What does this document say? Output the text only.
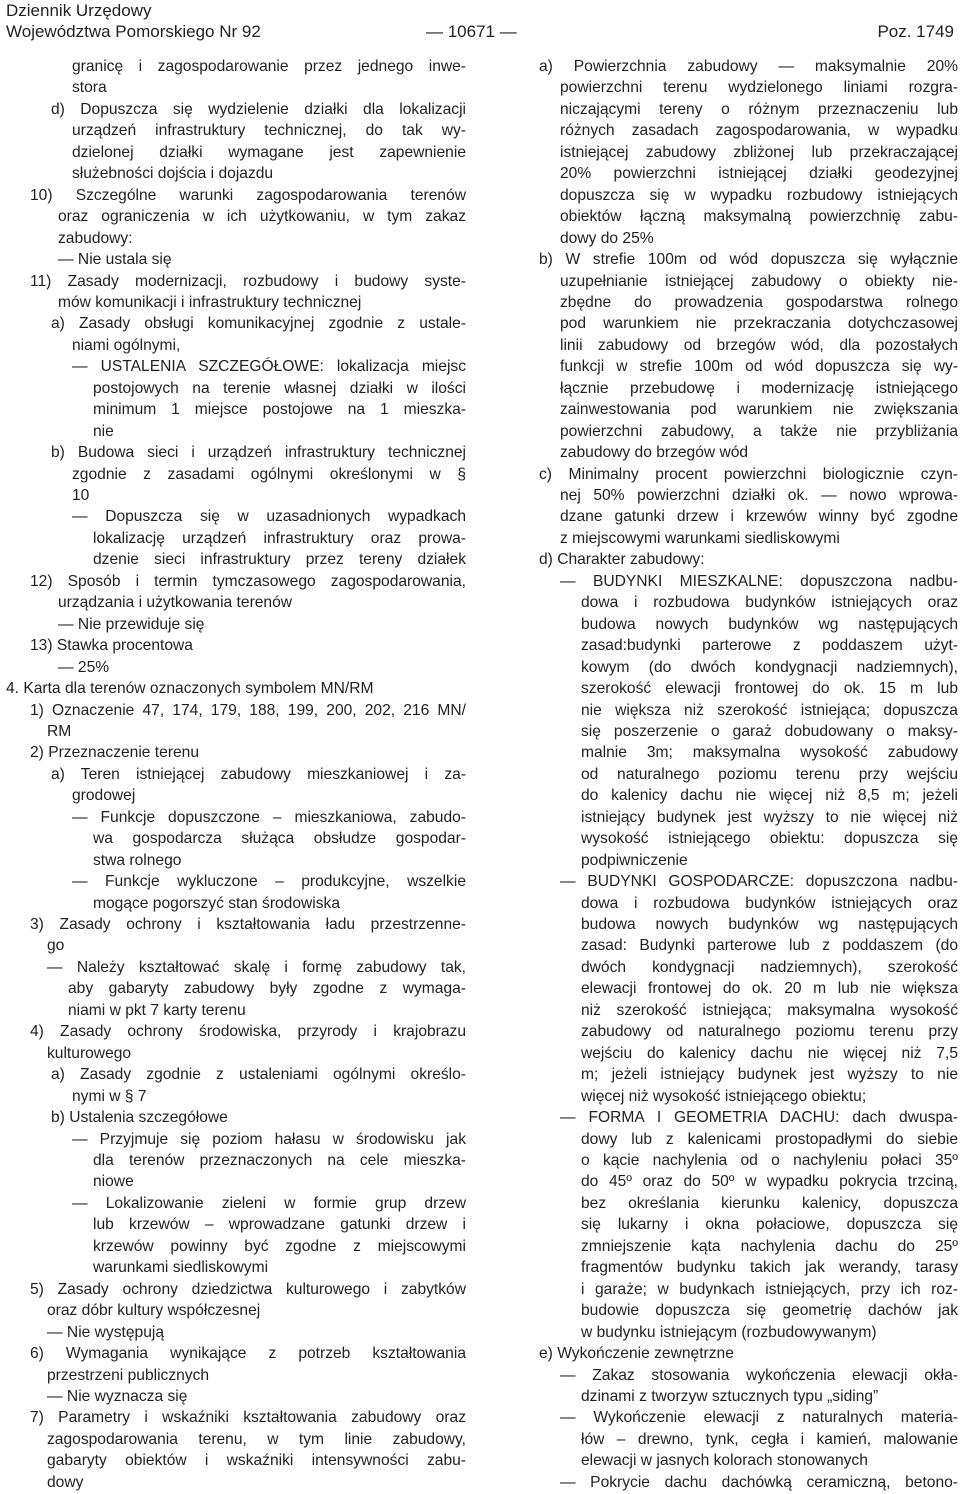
Dziennik Urzędowy
Województwa Pomorskiego Nr 92	— 10671 —	Poz. 1749
granicę i zagospodarowanie przez jednego inwe-
stora
d) Dopuszcza się wydzielenie działki dla lokalizacji
urządzeń infrastruktury technicznej, do tak wy-
dzielonej działki wymagane jest zapewnienie
służebności dojścia i dojazdu
10) Szczególne warunki zagospodarowania terenów
oraz ograniczenia w ich użytkowaniu, w tym zakaz
zabudowy:
— Nie ustala się
11) Zasady modernizacji, rozbudowy i budowy syste-
mów komunikacji i infrastruktury technicznej
a) Zasady obsługi komunikacyjnej zgodnie z ustale-
niami ogólnymi,
— USTALENIA SZCZEGÓŁOWE: lokalizacja miejsc
postojowych na terenie własnej działki w ilości
minimum 1 miejsce postojowe na 1 mieszka-
nie
b) Budowa sieci i urządzeń infrastruktury technicznej
zgodnie z zasadami ogólnymi określonymi w §
10
— Dopuszcza się w uzasadnionych wypadkach
lokalizację urządzeń infrastruktury oraz prowa-
dzenie sieci infrastruktury przez tereny działek
12) Sposób i termin tymczasowego zagospodarowania,
urządzania i użytkowania terenów
— Nie przewiduje się
13) Stawka procentowa
— 25%
4. Karta dla terenów oznaczonych symbolem MN/RM
1) Oznaczenie 47, 174, 179, 188, 199, 200, 202, 216 MN/
RM
2) Przeznaczenie terenu
a) Teren istniejącej zabudowy mieszkaniowej i za-
grodowej
— Funkcje dopuszczone – mieszkaniowa, zabudo-
wa gospodarcza służąca obsłudze gospodar-
stwa rolnego
— Funkcje wykluczone – produkcyjne, wszelkie
mogące pogorszyć stan środowiska
3) Zasady ochrony i kształtowania ładu przestrzenne-
go
— Należy kształtować skalę i formę zabudowy tak,
aby gabaryty zabudowy były zgodne z wymaga-
niami w pkt 7 karty terenu
4) Zasady ochrony środowiska, przyrody i krajobrazu
kulturowego
a) Zasady zgodnie z ustaleniami ogólnymi określo-
nymi w § 7
b) Ustalenia szczegółowe
— Przyjmuje się poziom hałasu w środowisku jak
dla terenów przeznaczonych na cele mieszka-
niowe
— Lokalizowanie zieleni w formie grup drzew
lub krzewów – wprowadzane gatunki drzew i
krzewów powinny być zgodne z miejscowymi
warunkami siedliskowymi
5) Zasady ochrony dziedzictwa kulturowego i zabytków
oraz dóbr kultury współczesnej
— Nie występują
6) Wymagania wynikające z potrzeb kształtowania
przestrzeni publicznych
— Nie wyznacza się
7) Parametry i wskaźniki kształtowania zabudowy oraz
zagospodarowania terenu, w tym linie zabudowy,
gabaryty obiektów i wskaźniki intensywności zabu-
dowy
a) Powierzchnia zabudowy — maksymalnie 20%
powierzchni terenu wydzielonego liniami rozgra-
niczającymi tereny o różnym przeznaczeniu lub
różnych zasadach zagospodarowania, w wypadku
istniejącej zabudowy zbliżonej lub przekraczającej
20% powierzchni istniejącej działki geodezyjnej
dopuszcza się w wypadku rozbudowy istniejących
obiektów łączną maksymalną powierzchnię zabu-
dowy do 25%
b) W strefie 100m od wód dopuszcza się wyłącznie
uzupełnianie istniejącej zabudowy o obiekty nie-
zbędne do prowadzenia gospodarstwa rolnego
pod warunkiem nie przekraczania dotychczasowej
linii zabudowy od brzegów wód, dla pozostałych
funkcji w strefie 100m od wód dopuszcza się wy-
łącznie przebudowę i modernizację istniejącego
zainwestowania pod warunkiem nie zwiększania
powierzchni zabudowy, a także nie przybliżania
zabudowy do brzegów wód
c) Minimalny procent powierzchni biologicznie czyn-
nej 50% powierzchni działki ok. — nowo wprowa-
dzane gatunki drzew i krzewów winny być zgodne
z miejscowymi warunkami siedliskowymi
d) Charakter zabudowy:
— BUDYNKI MIESZKALNE: dopuszczona nadbu-
dowa i rozbudowa budynków istniejących oraz
budowa nowych budynków wg następujących
zasad:budynki parterowe z poddaszem użyt-
kowym (do dwóch kondygnacji nadziemnych),
szerokość elewacji frontowej do ok. 15 m lub
nie większa niż szerokość istniejąca; dopuszcza
się poszerzenie o garaż dobudowany o maksy-
malnie 3m; maksymalna wysokość zabudowy
od naturalnego poziomu terenu przy wejściu
do kalenicy dachu nie więcej niż 8,5 m; jeżeli
istniejący budynek jest wyższy to nie więcej niż
wysokość istniejącego obiektu: dopuszcza się
podpiwniczenie
— BUDYNKI GOSPODARCZE: dopuszczona nadbu-
dowa i rozbudowa budynków istniejących oraz
budowa nowych budynków wg następujących
zasad: Budynki parterowe lub z poddaszem (do
dwóch kondygnacji nadziemnych), szerokość
elewacji frontowej do ok. 20 m lub nie większa
niż szerokość istniejąca; maksymalna wysokość
zabudowy od naturalnego poziomu terenu przy
wejściu do kalenicy dachu nie więcej niż 7,5
m; jeżeli istniejący budynek jest wyższy to nie
więcej niż wysokość istniejącego obiektu;
— FORMA I GEOMETRIA DACHU: dach dwuspa-
dowy lub z kalenicami prostopadłymi do siebie
o kącie nachylenia od o nachyleniu połaci 35º
do 45º oraz do 50º w wypadku pokrycia trzciną,
bez określania kierunku kalenicy, dopuszcza
się lukarny i okna połaciowe, dopuszcza się
zmniejszenie kąta nachylenia dachu do 25º
fragmentów budynku takich jak werandy, tarasy
i garaże; w budynkach istniejących, przy ich roz-
budowie dopuszcza się geometrię dachów jak
w budynku istniejącym (rozbudowywanym)
e) Wykończenie zewnętrzne
— Zakaz stosowania wykończenia elewacji okła-
dzinami z tworzyw sztucznych typu „siding”
— Wykończenie elewacji z naturalnych materia-
łów – drewno, tynk, cegła i kamień, malowanie
elewacji w jasnych kolorach stonowanych
— Pokrycie dachu dachówką ceramiczną, betono-
